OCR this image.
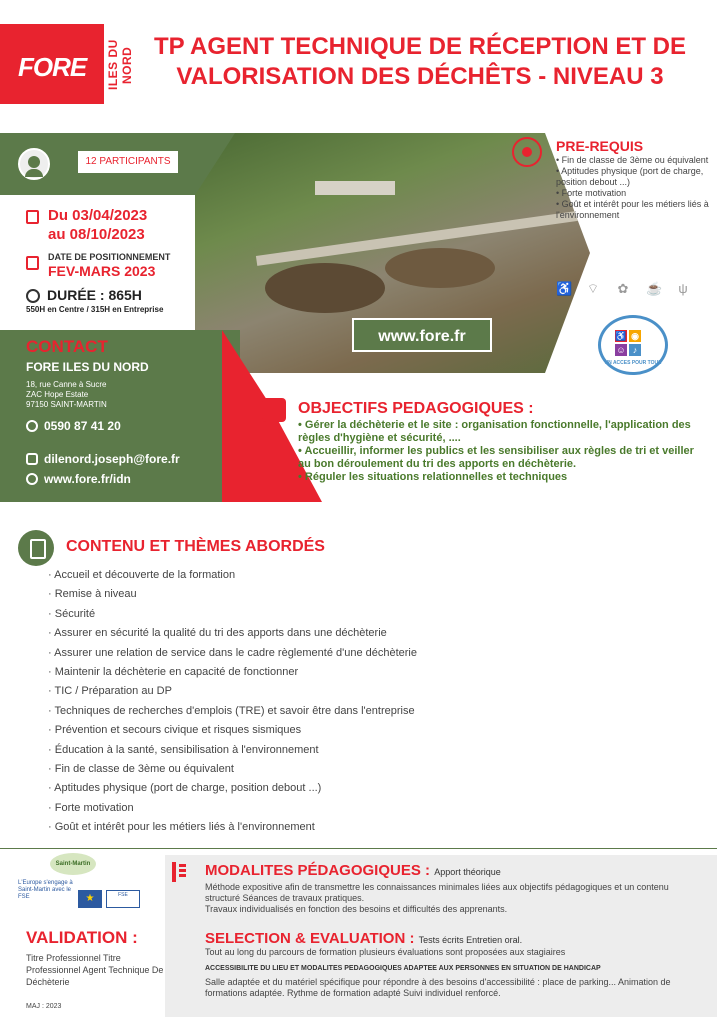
FORE ILES DU NORD TP AGENT TECHNIQUE DE RÉCEPTION ET DE VALORISATION DES DÉCHÊTS - NIVEAU 3
12 PARTICIPANTS
www.fore.fr
Du 03/04/2023
au 08/10/2023
DATE DE POSITIONNEMENT
FEV-MARS 2023
DURÉE : 865H
550H en Centre / 315H en Entreprise
CONTACT
FORE ILES DU NORD
18, rue Canne à Sucre
ZAC Hope Estate
97150 SAINT-MARTIN
0590 87 41 20
dilenord.joseph@fore.fr
www.fore.fr/idn
PRE-REQUIS
• Fin de classe de 3ème ou équivalent
• Aptitudes physique (port de charge, position debout ...)
• Forte motivation
• Goût et intérêt pour les métiers liés à l'environnement
♿ ⌔ ✿ ☕ ψ
♿ ◉
☺ ♪
UN ACCES POUR TOUS
OBJECTIFS PEDAGOGIQUES :
• Gérer la déchèterie et le site : organisation fonctionnelle, l'application des règles d'hygiène et sécurité, ....
• Accueillir, informer les publics et les sensibiliser aux règles de tri et veiller au bon déroulement du tri des apports en déchèterie.
• Réguler les situations relationnelles et techniques
CONTENU ET THÈMES ABORDÉS
· Accueil et découverte de la formation
· Remise à niveau
· Sécurité
· Assurer en sécurité la qualité du tri des apports dans une déchèterie
· Assurer une relation de service dans le cadre règlementé d'une déchèterie
· Maintenir la déchèterie en capacité de fonctionner
· TIC / Préparation au DP
· Techniques de recherches d'emplois (TRE) et savoir être dans l'entreprise
· Prévention et secours civique et risques sismiques
· Éducation à la santé, sensibilisation à l'environnement
· Fin de classe de 3ème ou équivalent
· Aptitudes physique (port de charge, position debout ...)
· Forte motivation
· Goût et intérêt pour les métiers liés à l'environnement
Saint-Martin
L'Europe s'engage à Saint-Martin avec le FSE	★	FSE
VALIDATION :
Titre Professionnel Titre Professionnel Agent Technique De Déchèterie
MAJ : 2023
MODALITES PÉDAGOGIQUES : Apport théorique
Méthode expositive afin de transmettre les connaissances minimales liées aux objectifs pédagogiques et un contenu structuré Séances de travaux pratiques.
Travaux individualisés en fonction des besoins et difficultés des apprenants.
SELECTION & EVALUATION : Tests écrits Entretien oral.
Tout au long du parcours de formation plusieurs évaluations sont proposées aux stagiaires
ACCESSIBILITE DU LIEU ET MODALITES PEDAGOGIQUES ADAPTEE AUX PERSONNES EN SITUATION DE HANDICAP
Salle adaptée et du matériel spécifique pour répondre à des besoins d'accessibilité : place de parking... Animation de formations adaptée. Rythme de formation adapté Suivi individuel renforcé.
